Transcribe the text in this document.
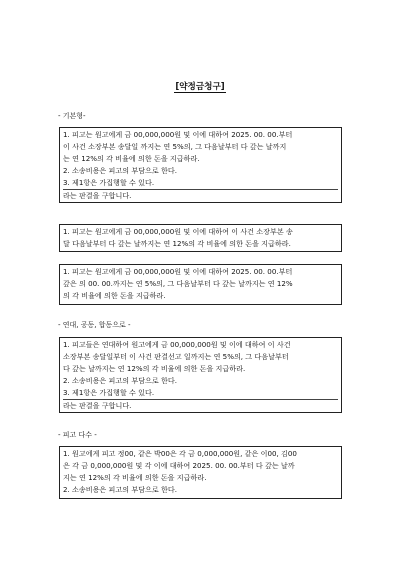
[약정금청구]
- 기본형-
1. 피고는 원고에게 금 00,000,000원 및 이에 대하여 2025. 00. 00.부터
이 사건 소장부본 송달일 까지는 연 5%의, 그 다음날부터 다 갚는 날까지
는 연 12%의 각 비율에 의한 돈을 지급하라.
2. 소송비용은 피고의 부담으로 한다.
3. 제1항은 가집행할 수 있다.
라는 판결을 구합니다.
1. 피고는 원고에게 금 00,000,000원 및 이에 대하여 이 사건 소장부본 송
달 다음날부터 다 갚는 날까지는 연 12%의 각 비율에 의한 돈을 지급하라.
1. 피고는 원고에게 금 00,000,000원 및 이에 대하여 2025. 00. 00.부터
갚은 의 00. 00.까지는 연 5%의, 그 다음날부터 다 갚는 날까지는 연 12%
의 각 비율에 의한 돈을 지급하라.
- 연대, 공동, 합동으로 -
1. 피고들은 연대하여 원고에게 금 00,000,000원 및 이에 대하여 이 사건
소장부본 송달일부터 이 사건 판결선고 일까지는 연 5%의, 그 다음날부터
다 갚는 날까지는 연 12%의 각 비율에 의한 돈을 지급하라.
2. 소송비용은 피고의 부담으로 한다.
3. 제1항은 가집행할 수 있다.
라는 판결을 구합니다.
- 피고 다수 -
1. 원고에게 피고 정00, 같은 박00은 각 금 0,000,000원, 같은 이00, 김00
은 각 금 0,000,000원 및 각 이에 대하여 2025. 00. 00.부터 다 갚는 날까
지는 연 12%의 각 비율에 의한 돈을 지급하라.
2. 소송비용은 피고의 부담으로 한다.
